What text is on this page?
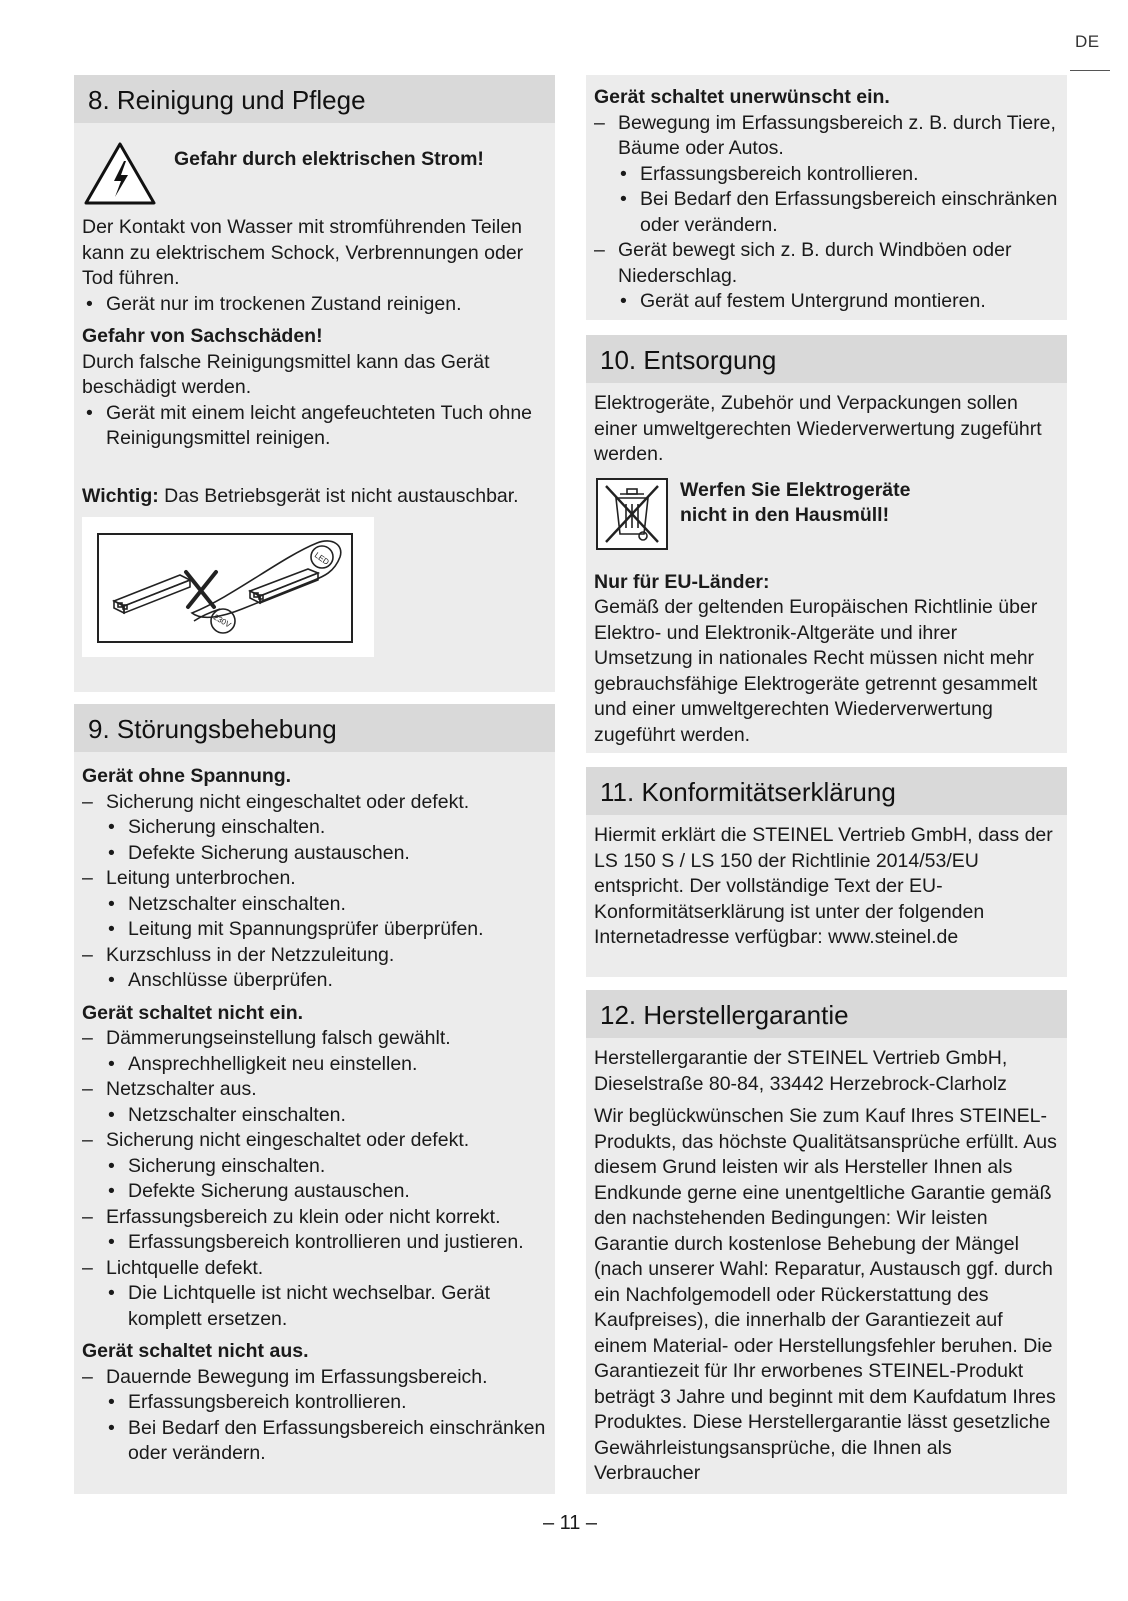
DE
8. Reinigung und Pflege
Gefahr durch elektrischen Strom!

Der Kontakt von Wasser mit stromführenden Teilen kann zu elektrischem Schock, Verbrennungen oder Tod führen.

• Gerät nur im trockenen Zustand reinigen.
Gefahr von Sachschäden!

Durch falsche Reinigungsmittel kann das Gerät beschädigt werden.

• Gerät mit einem leicht angefeuchteten Tuch ohne Reinigungsmittel reinigen.

Wichtig: Das Betriebsgerät ist nicht austauschbar.

LED
230V
9. Störungsbehebung
Gerät ohne Spannung.
– Sicherung nicht eingeschaltet oder defekt.
• Sicherung einschalten.
• Defekte Sicherung austauschen.
– Leitung unterbrochen.
• Netzschalter einschalten.
• Leitung mit Spannungsprüfer überprüfen.
– Kurzschluss in der Netzzuleitung.
• Anschlüsse überprüfen.
Gerät schaltet nicht ein.
– Dämmerungseinstellung falsch gewählt.
• Ansprechhelligkeit neu einstellen.
– Netzschalter aus.
• Netzschalter einschalten.
– Sicherung nicht eingeschaltet oder defekt.
• Sicherung einschalten.
• Defekte Sicherung austauschen.
– Erfassungsbereich zu klein oder nicht korrekt.
• Erfassungsbereich kontrollieren und justieren.
– Lichtquelle defekt.
• Die Lichtquelle ist nicht wechselbar. Gerät komplett ersetzen.
Gerät schaltet nicht aus.
– Dauernde Bewegung im Erfassungsbereich.
• Erfassungsbereich kontrollieren.
• Bei Bedarf den Erfassungsbereich einschränken oder verändern.
Gerät schaltet unerwünscht ein.
– Bewegung im Erfassungsbereich z. B. durch Tiere, Bäume oder Autos.
• Erfassungsbereich kontrollieren.
• Bei Bedarf den Erfassungsbereich einschränken oder verändern.
– Gerät bewegt sich z. B. durch Windböen oder Niederschlag.
• Gerät auf festem Untergrund montieren.
10. Entsorgung

Elektrogeräte, Zubehör und Verpackungen sollen einer umweltgerechten Wiederverwertung zugeführt werden.

Werfen Sie Elektrogeräte
nicht in den Hausmüll!
Nur für EU-Länder:

Gemäß der geltenden Europäischen Richtlinie über Elektro- und Elektronik-Altgeräte und ihrer Umsetzung in nationales Recht müssen nicht mehr gebrauchsfähige Elektrogeräte getrennt gesammelt und einer umweltgerechten Wiederverwertung zugeführt werden.

11. Konformitätserklärung

Hiermit erklärt die STEINEL Vertrieb GmbH, dass der LS 150 S / LS 150 der Richtlinie 2014/53/EU entspricht. Der vollständige Text der EU-Konformitätserklärung ist unter der folgenden Internetadresse verfügbar: www.steinel.de

12. Herstellergarantie

Herstellergarantie der STEINEL Vertrieb GmbH, Dieselstraße 80-84, 33442 Herzebrock-Clarholz

Wir beglückwünschen Sie zum Kauf Ihres STEINEL-Produkts, das höchste Qualitätsansprüche erfüllt. Aus diesem Grund leisten wir als Hersteller Ihnen als Endkunde gerne eine unentgeltliche Garantie gemäß den nachstehenden Bedingungen: Wir leisten Garantie durch kostenlose Behebung der Mängel (nach unserer Wahl: Reparatur, Austausch ggf. durch ein Nachfolgemodell oder Rückerstattung des Kaufpreises), die innerhalb der Garantiezeit auf einem Material- oder Herstellungsfehler beruhen. Die Garantiezeit für Ihr erworbenes STEINEL-Produkt beträgt 3 Jahre und beginnt mit dem Kaufdatum Ihres Produktes. Diese Herstellergarantie lässt gesetzliche Gewährleistungsansprüche, die Ihnen als Verbraucher

– 11 –
